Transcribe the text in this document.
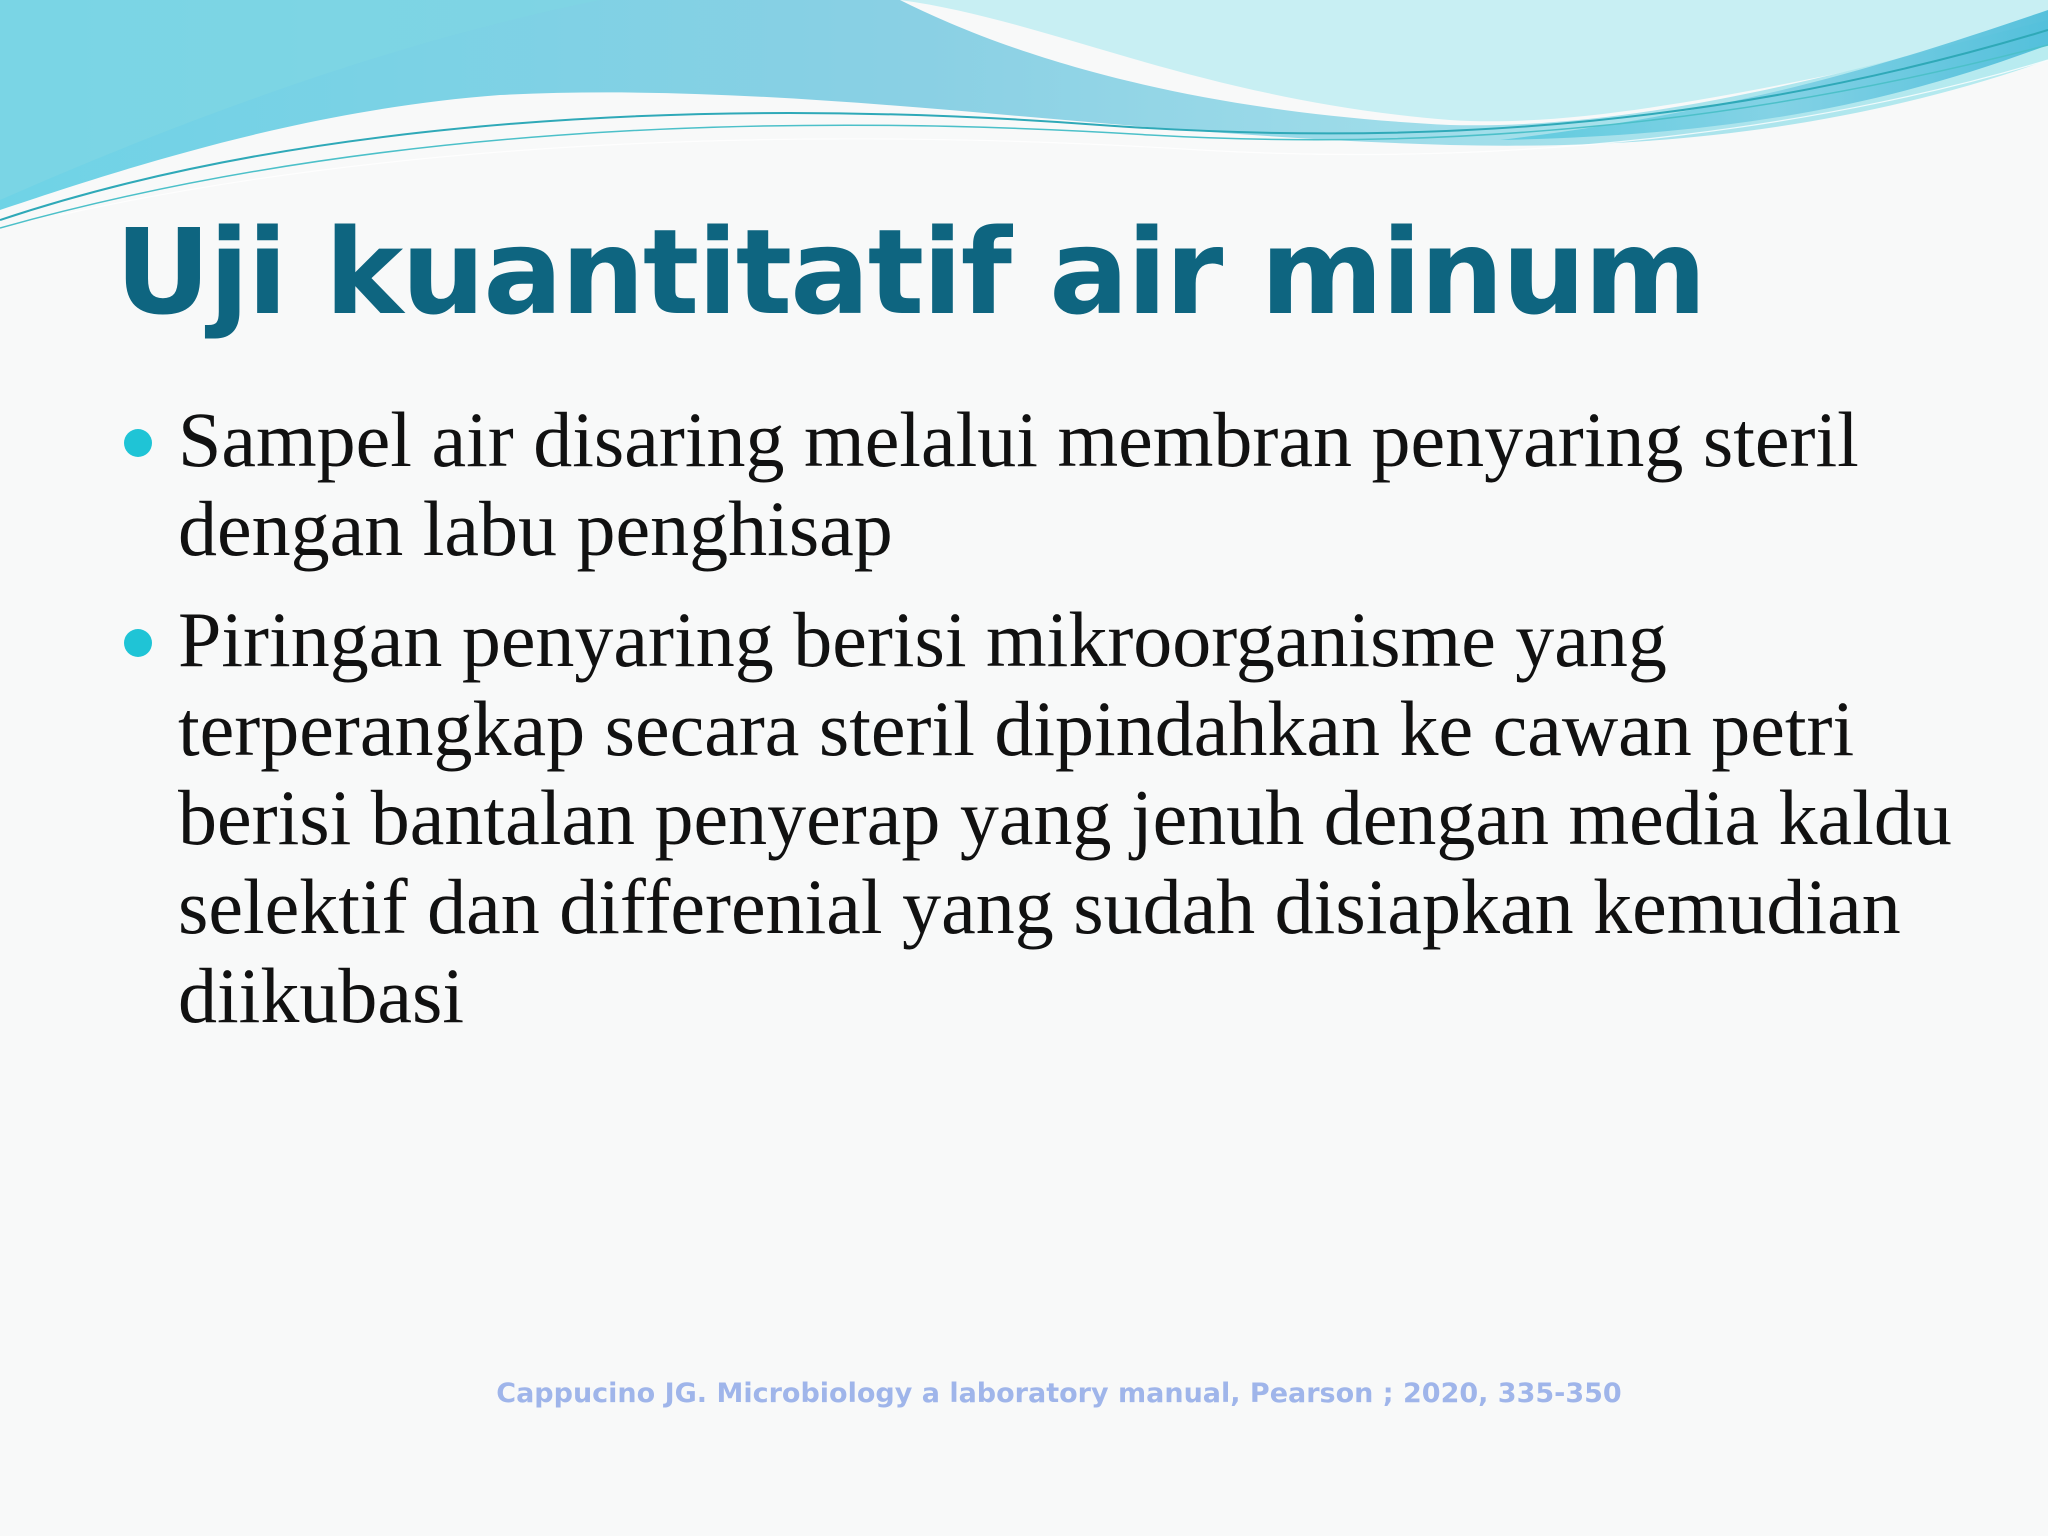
Uji kuantitatif air minum
Sampel air disaring melalui membran penyaring steril dengan labu penghisap
Piringan penyaring berisi mikroorganisme yang terperangkap secara steril dipindahkan ke cawan petri berisi bantalan penyerap yang jenuh dengan media kaldu selektif dan differenial yang sudah disiapkan kemudian diikubasi
Cappucino JG. Microbiology a laboratory manual, Pearson ; 2020, 335-350
